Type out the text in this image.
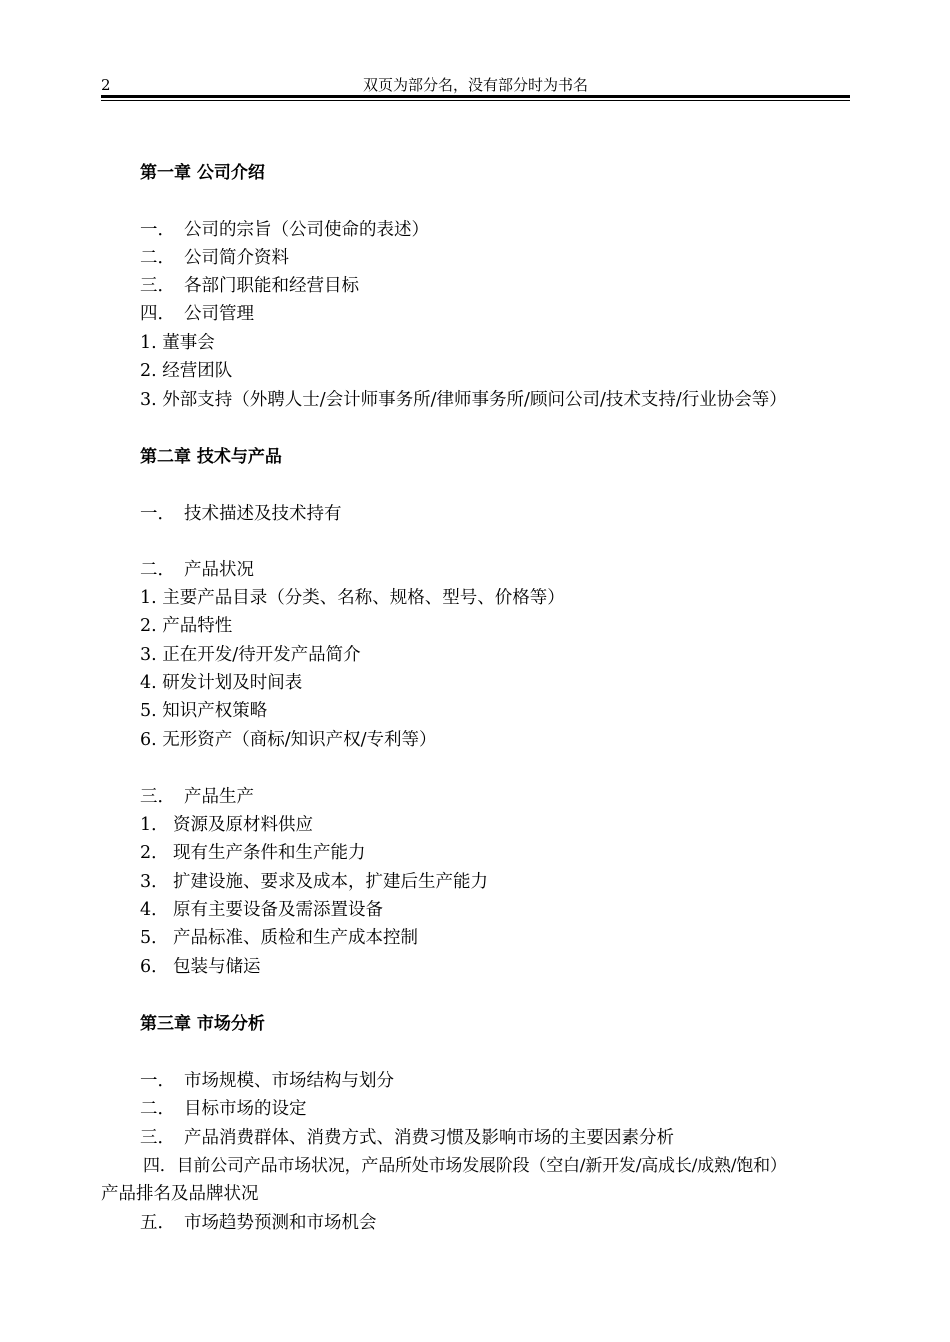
2	双页为部分名，没有部分时为书名
第一章 公司介绍
一． 公司的宗旨（公司使命的表述）
二． 公司简介资料
三． 各部门职能和经营目标
四． 公司管理
1. 董事会
2. 经营团队
3. 外部支持（外聘人士/会计师事务所/律师事务所/顾问公司/技术支持/行业协会等）
第二章 技术与产品
一． 技术描述及技术持有
二． 产品状况
1. 主要产品目录（分类、名称、规格、型号、价格等）
2. 产品特性
3. 正在开发/待开发产品简介
4. 研发计划及时间表
5. 知识产权策略
6. 无形资产（商标/知识产权/专利等）
三． 产品生产
1． 资源及原材料供应
2． 现有生产条件和生产能力
3． 扩建设施、要求及成本，扩建后生产能力
4． 原有主要设备及需添置设备
5． 产品标准、质检和生产成本控制
6． 包装与储运
第三章 市场分析
一． 市场规模、市场结构与划分
二． 目标市场的设定
三． 产品消费群体、消费方式、消费习惯及影响市场的主要因素分析
四．目前公司产品市场状况，产品所处市场发展阶段（空白/新开发/高成长/成熟/饱和）
产品排名及品牌状况
五． 市场趋势预测和市场机会
